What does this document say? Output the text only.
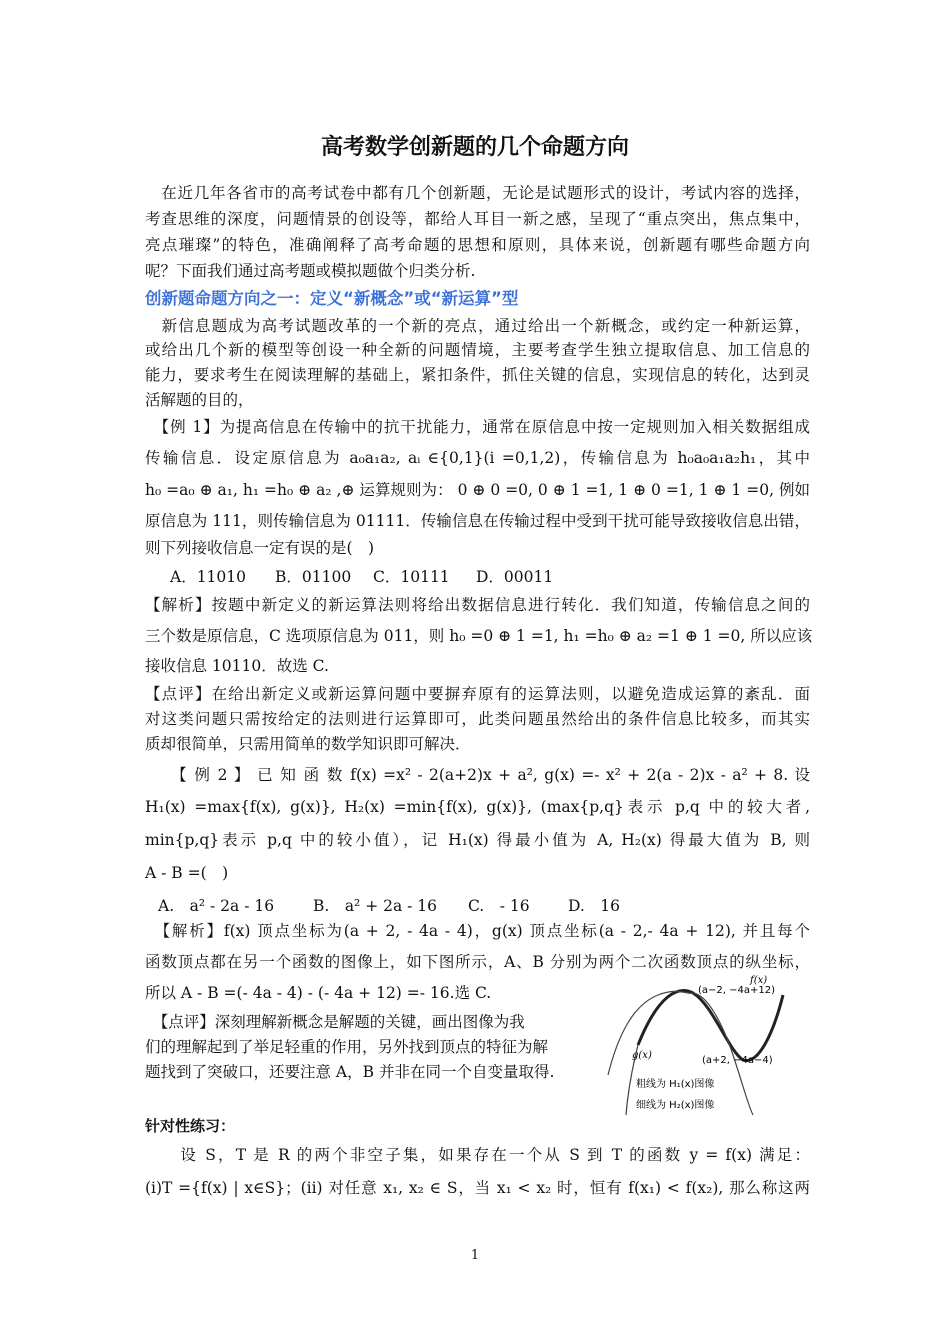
高考数学创新题的几个命题方向
　在近几年各省市的高考试卷中都有几个创新题，无论是试题形式的设计，考试内容的选择，
考查思维的深度，问题情景的创设等，都给人耳目一新之感，呈现了“重点突出，焦点集中，
亮点璀璨”的特色，准确阐释了高考命题的思想和原则，具体来说，创新题有哪些命题方向
呢？下面我们通过高考题或模拟题做个归类分析.
创新题命题方向之一：定义“新概念”或“新运算”型
　新信息题成为高考试题改革的一个新的亮点，通过给出一个新概念，或约定一种新运算，
或给出几个新的模型等创设一种全新的问题情境，主要考查学生独立提取信息、加工信息的
能力，要求考生在阅读理解的基础上，紧扣条件，抓住关键的信息，实现信息的转化，达到灵
活解题的目的，
　【例 1】为提高信息在传输中的抗干扰能力，通常在原信息中按一定规则加入相关数据组成
传输信息．设定原信息为 a₀a₁a₂, aᵢ ∈{0,1}(i =0,1,2)，传输信息为 h₀a₀a₁a₂h₁，其中
h₀ =a₀ ⊕ a₁, h₁ =h₀ ⊕ a₂ ,⊕ 运算规则为： 0 ⊕ 0 =0, 0 ⊕ 1 =1, 1 ⊕ 0 =1, 1 ⊕ 1 =0, 例如
原信息为 111，则传输信息为 01111．传输信息在传输过程中受到干扰可能导致接收信息出错，
则下列接收信息一定有误的是(　)
A．11010 B．01100 C．10111 D．00011
【解析】按题中新定义的新运算法则将给出数据信息进行转化．我们知道，传输信息之间的
三个数是原信息，C 选项原信息为 011，则 h₀ =0 ⊕ 1 =1, h₁ =h₀ ⊕ a₂ =1 ⊕ 1 =0, 所以应该
接收信息 10110．故选 C.
【点评】在给出新定义或新运算问题中要摒弃原有的运算法则，以避免造成运算的紊乱．面
对这类问题只需按给定的法则进行运算即可，此类问题虽然给出的条件信息比较多，而其实
质却很简单，只需用简单的数学知识即可解决．
　　【 例 2 】 已 知 函 数 f(x) =x² - 2(a+2)x + a², g(x) =- x² + 2(a - 2)x - a² + 8. 设
H₁(x) =max{f(x), g(x)}, H₂(x) =min{f(x), g(x)}, (max{p,q}表示 p,q 中的较大者,
min{p,q}表示 p,q 中的较小值），记 H₁(x) 得最小值为 A, H₂(x) 得最大值为 B, 则
A - B =(　)
A.　a² - 2a - 16	B.　a² + 2a - 16 C.　- 16 D.　16
　【解析】f(x) 顶点坐标为(a + 2, - 4a - 4)，g(x) 顶点坐标(a - 2,- 4a + 12), 并且每个
函数顶点都在另一个函数的图像上，如下图所示，A、B 分别为两个二次函数顶点的纵坐标，
所以 A - B =(- 4a - 4) - (- 4a + 12) =- 16.选 C.
　【点评】深刻理解新概念是解题的关键，画出图像为我
们的理解起到了举足轻重的作用，另外找到顶点的特征为解
题找到了突破口，还要注意 A，B 并非在同一个自变量取得.
(a−2, −4a+12)
(a+2, −4a−4)
f(x)
g(x)
粗线为 H₁(x)图像
细线为 H₂(x)图像
针对性练习：
　　设 S，T 是 R 的两个非空子集，如果存在一个从 S 到 T 的函数 y = f(x) 满足：
(i)T ={f(x) | x∈S}；(ii) 对任意 x₁, x₂ ∈ S，当 x₁ < x₂ 时，恒有 f(x₁) < f(x₂), 那么称这两
1
